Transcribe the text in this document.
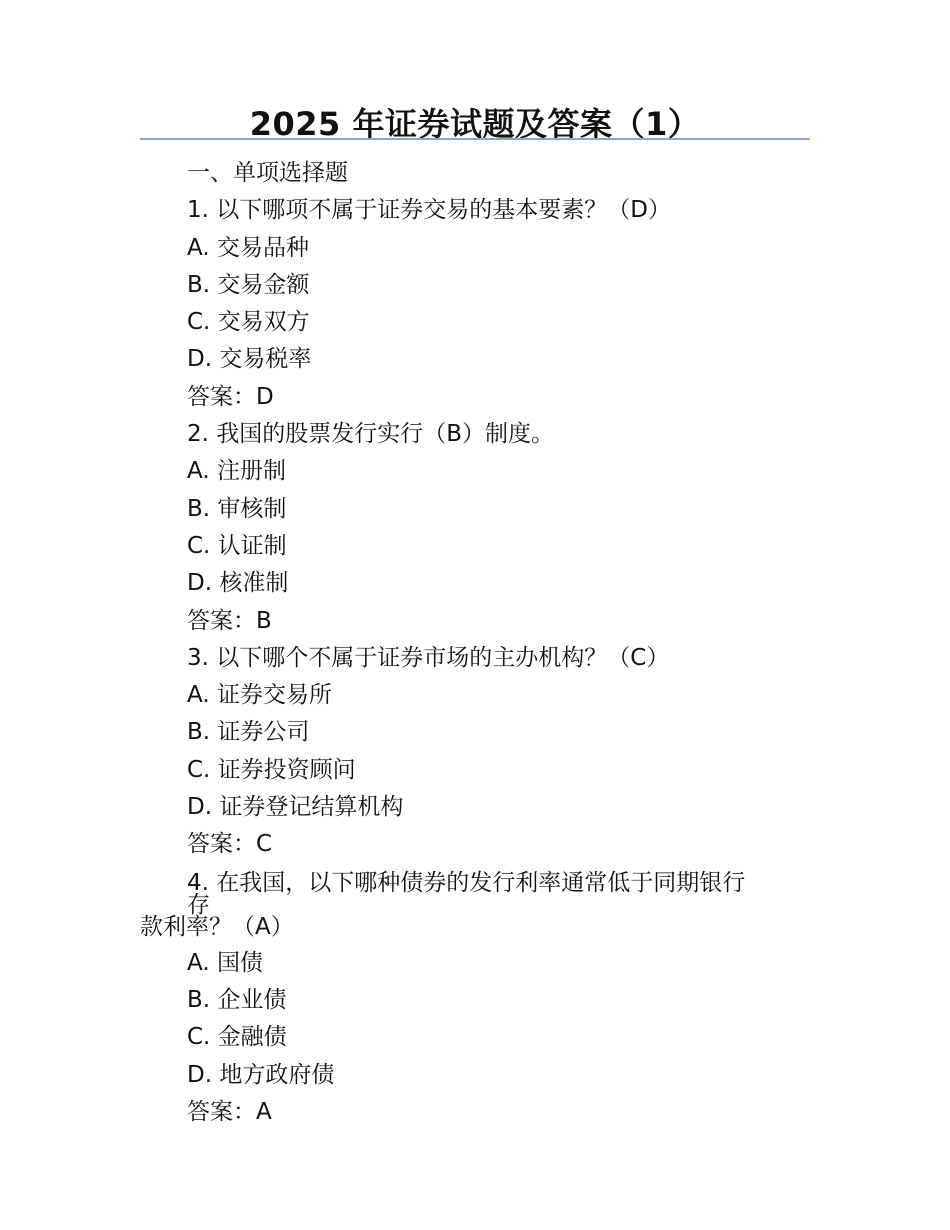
2025 年证券试题及答案（1）
一、单项选择题
1. 以下哪项不属于证券交易的基本要素？（D）
A. 交易品种
B. 交易金额
C. 交易双方
D. 交易税率
答案：D
2. 我国的股票发行实行（B）制度。
A. 注册制
B. 审核制
C. 认证制
D. 核准制
答案：B
3. 以下哪个不属于证券市场的主办机构？（C）
A. 证券交易所
B. 证券公司
C. 证券投资顾问
D. 证券登记结算机构
答案：C
4. 在我国，以下哪种债券的发行利率通常低于同期银行存
款利率？（A）
A. 国债
B. 企业债
C. 金融债
D. 地方政府债
答案：A
